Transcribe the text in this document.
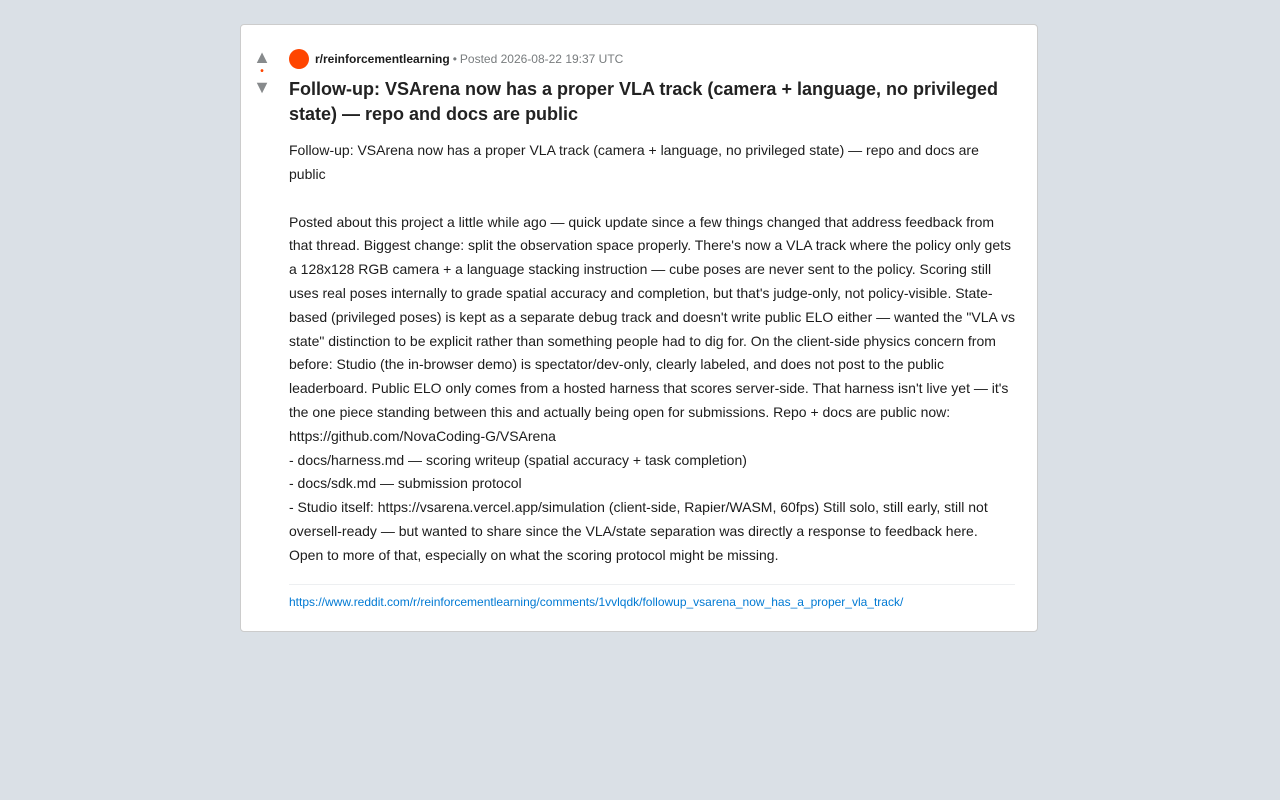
▲
•
▼
r/reinforcementlearning • Posted 2026-08-22 19:37 UTC
Follow-up: VSArena now has a proper VLA track (camera + language, no privileged state) — repo and docs are public

Follow-up: VSArena now has a proper VLA track (camera + language, no privileged state) — repo and docs are public

Posted about this project a little while ago — quick update since a few things changed that address feedback from that thread. Biggest change: split the observation space properly. There's now a VLA track where the policy only gets a 128x128 RGB camera + a language stacking instruction — cube poses are never sent to the policy. Scoring still uses real poses internally to grade spatial accuracy and completion, but that's judge-only, not policy-visible. State-based (privileged poses) is kept as a separate debug track and doesn't write public ELO either — wanted the "VLA vs state" distinction to be explicit rather than something people had to dig for. On the client-side physics concern from before: Studio (the in-browser demo) is spectator/dev-only, clearly labeled, and does not post to the public leaderboard. Public ELO only comes from a hosted harness that scores server-side. That harness isn't live yet — it's the one piece standing between this and actually being open for submissions. Repo + docs are public now:

https://github.com/NovaCoding-G/VSArena

- docs/harness.md — scoring writeup (spatial accuracy + task completion)

- docs/sdk.md — submission protocol

- Studio itself: https://vsarena.vercel.app/simulation (client-side, Rapier/WASM, 60fps) Still solo, still early, still not oversell-ready — but wanted to share since the VLA/state separation was directly a response to feedback here. Open to more of that, especially on what the scoring protocol might be missing.

https://www.reddit.com/r/reinforcementlearning/comments/1vvlqdk/followup_vsarena_now_has_a_proper_vla_track/
